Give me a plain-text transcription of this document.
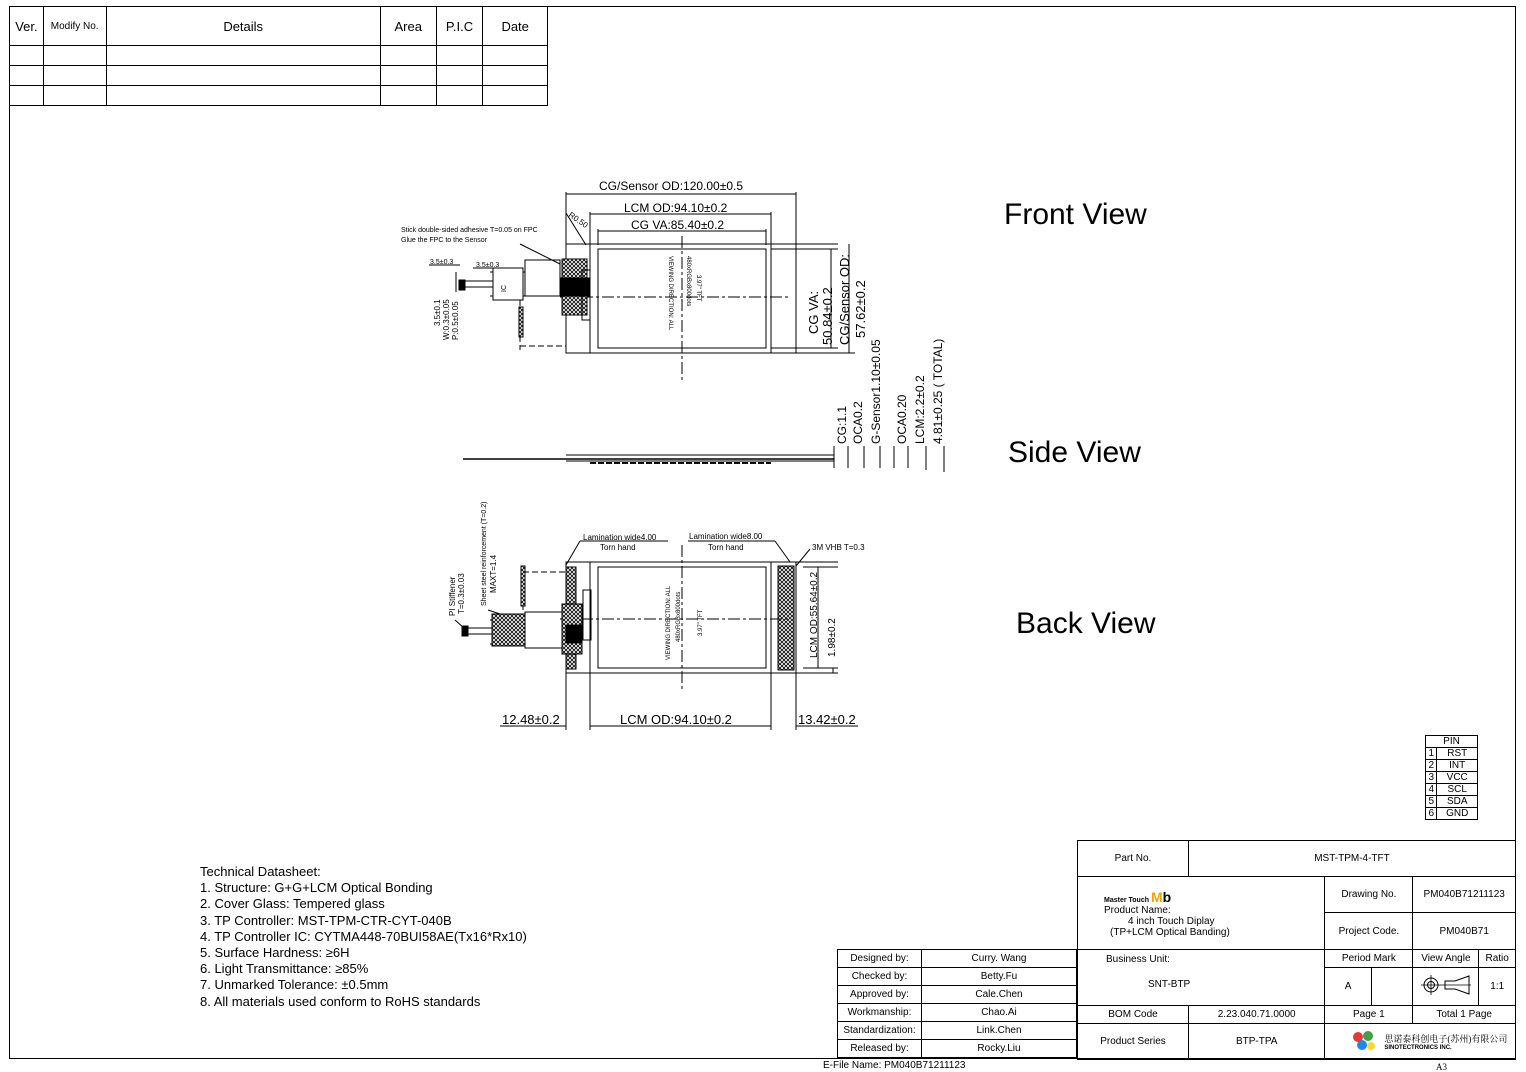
Ver.	Modify No.	Details	Area	P.I.C	Date

Front View
Side View
Back View
CG/Sensor OD:120.00±0.5
LCM OD:94.10±0.2
CG VA:85.40±0.2
R0.50
Stick double-sided adhesive T=0.05 on FPC
Glue the FPC to the Sensor
3.5±0.3	3.5±0.3
3.5±0.1 W:0.3±0.05 P:0.5±0.05
IC	VIEWING DIRECTION: ALL 480xRGBx800dots 3.97" TFT
CG VA: 50.84±0.2 CG/Sensor OD: 57.62±0.2
CG:1.1 OCA0.2 G-Sensor1.10±0.05 OCA0.20 LCM:2.2±0.2 4.81±0.25 ( TOTAL)
Lamination wide4.00
Torn hand
Lamination wide8.00
Torn hand	3M VHB T=0.3
PI Stiffener T=0.3±0.03 Sheet steel reinforcement (T=0.2) MAXT=1.4
VIEWING DIRECTION: ALL 480xRGBx800dots	3.97" TFT	LCM OD:55.64±0.2 1.98±0.2
12.48±0.2	LCM OD:94.10±0.2	13.42±0.2
PIN	
1	RST
2	INT
3	VCC
4	SCL
5	SDA
6	GND
Technical Datasheet:
1. Structure: G+G+LCM Optical Bonding
2. Cover Glass: Tempered glass
3. TP Controller: MST-TPM-CTR-CYT-040B
4. TP Controller IC: CYTMA448-70BUI58AE(Tx16*Rx10)
5. Surface Hardness: ≥6H
6. Light Transmittance: ≥85%
7. Unmarked Tolerance: ±0.5mm
8. All materials used conform to RoHS standards
Designed by:	Curry. Wang
Checked by:	Betty.Fu
Approved by:	Cale.Chen
Workmanship:	Chao.Ai
Standardization:	Link.Chen
Released by:	Rocky.Liu
Part No.	MST-TPM-4-TFT				

Master Touch Mb
Product Name:
4 inch Touch Diplay
(TP+LCM Optical Banding)		Drawing No.		PM040B71211123	
		Project Code.		PM040B71	

Business Unit:
SNT-BTP		Period Mark		View Angle	Ratio
		A			1:1
BOM Code	2.23.040.71.0000	Page 1		Total 1 Page	
Product Series	BTP-TPA	思诺泰科创电子(苏州)有限公司
SINOTECTRONICS INC.			
E-File Name: PM040B71211123	A3
